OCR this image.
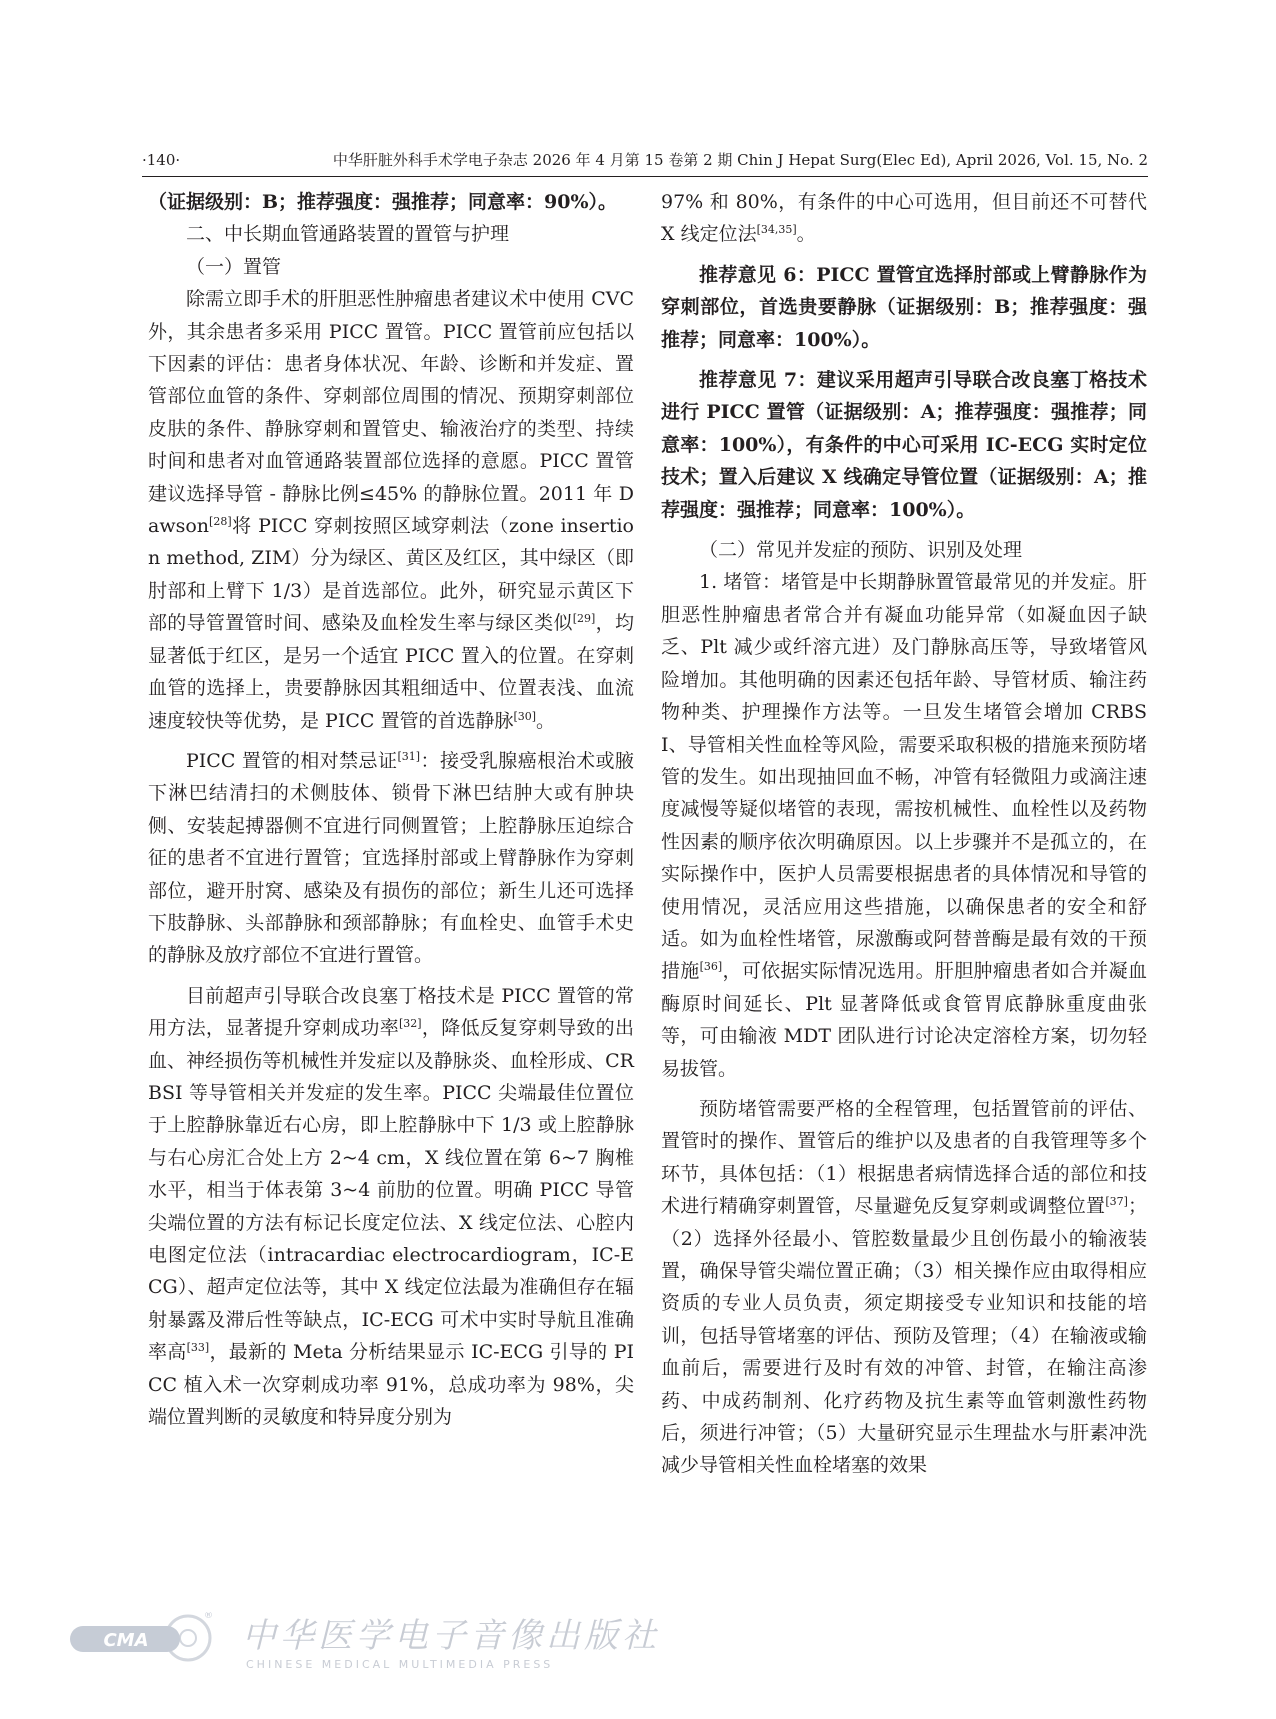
·140·	中华肝脏外科手术学电子杂志 2026 年 4 月第 15 卷第 2 期 Chin J Hepat Surg(Elec Ed), April 2026, Vol. 15, No. 2

（证据级别：B；推荐强度：强推荐；同意率：90%）。

二、中长期血管通路装置的置管与护理

（一）置管

除需立即手术的肝胆恶性肿瘤患者建议术中使用 CVC 外，其余患者多采用 PICC 置管。PICC 置管前应包括以下因素的评估：患者身体状况、年龄、诊断和并发症、置管部位血管的条件、穿刺部位周围的情况、预期穿刺部位皮肤的条件、静脉穿刺和置管史、输液治疗的类型、持续时间和患者对血管通路装置部位选择的意愿。PICC 置管建议选择导管 - 静脉比例≤45% 的静脉位置。2011 年 Dawson[28]将 PICC 穿刺按照区域穿刺法（zone insertion method, ZIM）分为绿区、黄区及红区，其中绿区（即肘部和上臂下 1/3）是首选部位。此外，研究显示黄区下部的导管置管时间、感染及血栓发生率与绿区类似[29]，均显著低于红区，是另一个适宜 PICC 置入的位置。在穿刺血管的选择上，贵要静脉因其粗细适中、位置表浅、血流速度较快等优势，是 PICC 置管的首选静脉[30]。

PICC 置管的相对禁忌证[31]：接受乳腺癌根治术或腋下淋巴结清扫的术侧肢体、锁骨下淋巴结肿大或有肿块侧、安装起搏器侧不宜进行同侧置管；上腔静脉压迫综合征的患者不宜进行置管；宜选择肘部或上臂静脉作为穿刺部位，避开肘窝、感染及有损伤的部位；新生儿还可选择下肢静脉、头部静脉和颈部静脉；有血栓史、血管手术史的静脉及放疗部位不宜进行置管。

目前超声引导联合改良塞丁格技术是 PICC 置管的常用方法，显著提升穿刺成功率[32]，降低反复穿刺导致的出血、神经损伤等机械性并发症以及静脉炎、血栓形成、CRBSI 等导管相关并发症的发生率。PICC 尖端最佳位置位于上腔静脉靠近右心房，即上腔静脉中下 1/3 或上腔静脉与右心房汇合处上方 2~4 cm，X 线位置在第 6~7 胸椎水平，相当于体表第 3~4 前肋的位置。明确 PICC 导管尖端位置的方法有标记长度定位法、X 线定位法、心腔内电图定位法（intracardiac electrocardiogram，IC-ECG）、超声定位法等，其中 X 线定位法最为准确但存在辐射暴露及滞后性等缺点，IC-ECG 可术中实时导航且准确率高[33]，最新的 Meta 分析结果显示 IC-ECG 引导的 PICC 植入术一次穿刺成功率 91%，总成功率为 98%，尖端位置判断的灵敏度和特异度分别为

97% 和 80%，有条件的中心可选用，但目前还不可替代 X 线定位法[34,35]。

推荐意见 6：PICC 置管宜选择肘部或上臂静脉作为穿刺部位，首选贵要静脉（证据级别：B；推荐强度：强推荐；同意率：100%）。

推荐意见 7：建议采用超声引导联合改良塞丁格技术进行 PICC 置管（证据级别：A；推荐强度：强推荐；同意率：100%），有条件的中心可采用 IC-ECG 实时定位技术；置入后建议 X 线确定导管位置（证据级别：A；推荐强度：强推荐；同意率：100%）。

（二）常见并发症的预防、识别及处理

1. 堵管：堵管是中长期静脉置管最常见的并发症。肝胆恶性肿瘤患者常合并有凝血功能异常（如凝血因子缺乏、Plt 减少或纤溶亢进）及门静脉高压等，导致堵管风险增加。其他明确的因素还包括年龄、导管材质、输注药物种类、护理操作方法等。一旦发生堵管会增加 CRBSI、导管相关性血栓等风险，需要采取积极的措施来预防堵管的发生。如出现抽回血不畅，冲管有轻微阻力或滴注速度减慢等疑似堵管的表现，需按机械性、血栓性以及药物性因素的顺序依次明确原因。以上步骤并不是孤立的，在实际操作中，医护人员需要根据患者的具体情况和导管的使用情况，灵活应用这些措施，以确保患者的安全和舒适。如为血栓性堵管，尿激酶或阿替普酶是最有效的干预措施[36]，可依据实际情况选用。肝胆肿瘤患者如合并凝血酶原时间延长、Plt 显著降低或食管胃底静脉重度曲张等，可由输液 MDT 团队进行讨论决定溶栓方案，切勿轻易拔管。

预防堵管需要严格的全程管理，包括置管前的评估、置管时的操作、置管后的维护以及患者的自我管理等多个环节，具体包括：（1）根据患者病情选择合适的部位和技术进行精确穿刺置管，尽量避免反复穿刺或调整位置[37]；（2）选择外径最小、管腔数量最少且创伤最小的输液装置，确保导管尖端位置正确；（3）相关操作应由取得相应资质的专业人员负责，须定期接受专业知识和技能的培训，包括导管堵塞的评估、预防及管理；（4）在输液或输血前后，需要进行及时有效的冲管、封管，在输注高渗药、中成药制剂、化疗药物及抗生素等血管刺激性药物后，须进行冲管；（5）大量研究显示生理盐水与肝素冲洗减少导管相关性血栓堵塞的效果

CMA
® 中华医学电子音像出版社
CHINESE MEDICAL MULTIMEDIA PRESS
